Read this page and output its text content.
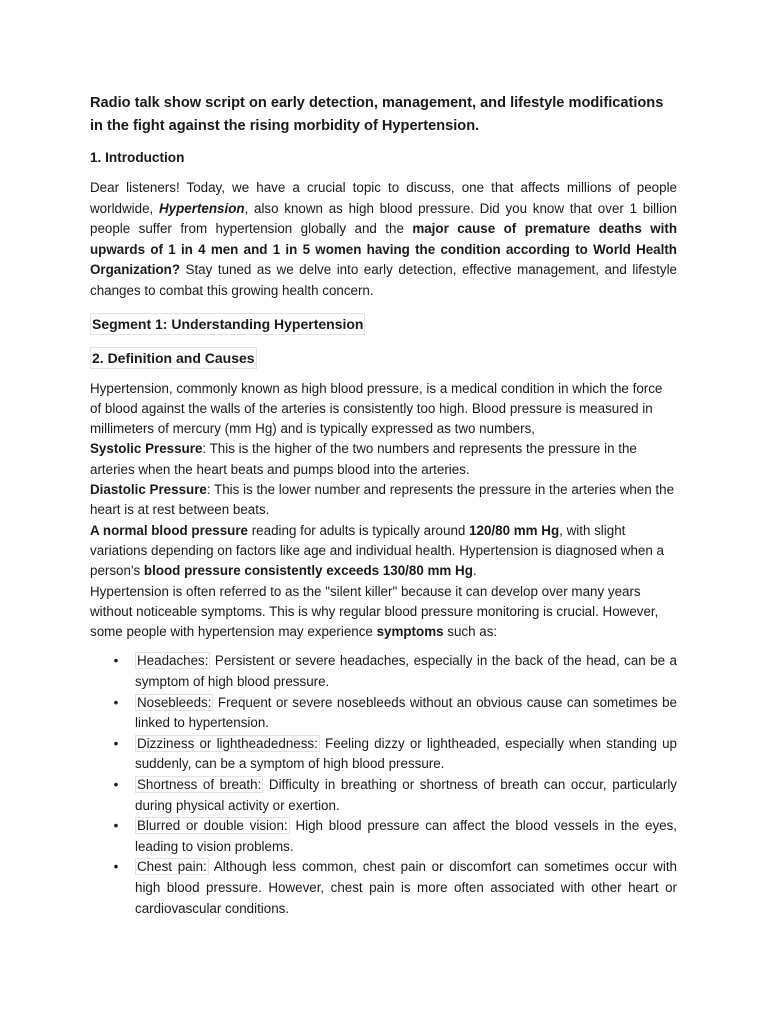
Radio talk show script on early detection, management, and lifestyle modifications in the fight against the rising morbidity of Hypertension.
1. Introduction

Dear listeners! Today, we have a crucial topic to discuss, one that affects millions of people worldwide, Hypertension, also known as high blood pressure. Did you know that over 1 billion people suffer from hypertension globally and the major cause of premature deaths with upwards of 1 in 4 men and 1 in 5 women having the condition according to World Health Organization? Stay tuned as we delve into early detection, effective management, and lifestyle changes to combat this growing health concern.

Segment 1: Understanding Hypertension
2. Definition and Causes

Hypertension, commonly known as high blood pressure, is a medical condition in which the force of blood against the walls of the arteries is consistently too high. Blood pressure is measured in millimeters of mercury (mm Hg) and is typically expressed as two numbers,

Systolic Pressure: This is the higher of the two numbers and represents the pressure in the arteries when the heart beats and pumps blood into the arteries.

Diastolic Pressure: This is the lower number and represents the pressure in the arteries when the heart is at rest between beats.

A normal blood pressure reading for adults is typically around 120/80 mm Hg, with slight variations depending on factors like age and individual health. Hypertension is diagnosed when a person's blood pressure consistently exceeds 130/80 mm Hg.

Hypertension is often referred to as the "silent killer" because it can develop over many years without noticeable symptoms. This is why regular blood pressure monitoring is crucial. However, some people with hypertension may experience symptoms such as:

• Headaches: Persistent or severe headaches, especially in the back of the head, can be a symptom of high blood pressure.
• Nosebleeds: Frequent or severe nosebleeds without an obvious cause can sometimes be linked to hypertension.
• Dizziness or lightheadedness: Feeling dizzy or lightheaded, especially when standing up suddenly, can be a symptom of high blood pressure.
• Shortness of breath: Difficulty in breathing or shortness of breath can occur, particularly during physical activity or exertion.
• Blurred or double vision: High blood pressure can affect the blood vessels in the eyes, leading to vision problems.
• Chest pain: Although less common, chest pain or discomfort can sometimes occur with high blood pressure. However, chest pain is more often associated with other heart or cardiovascular conditions.
